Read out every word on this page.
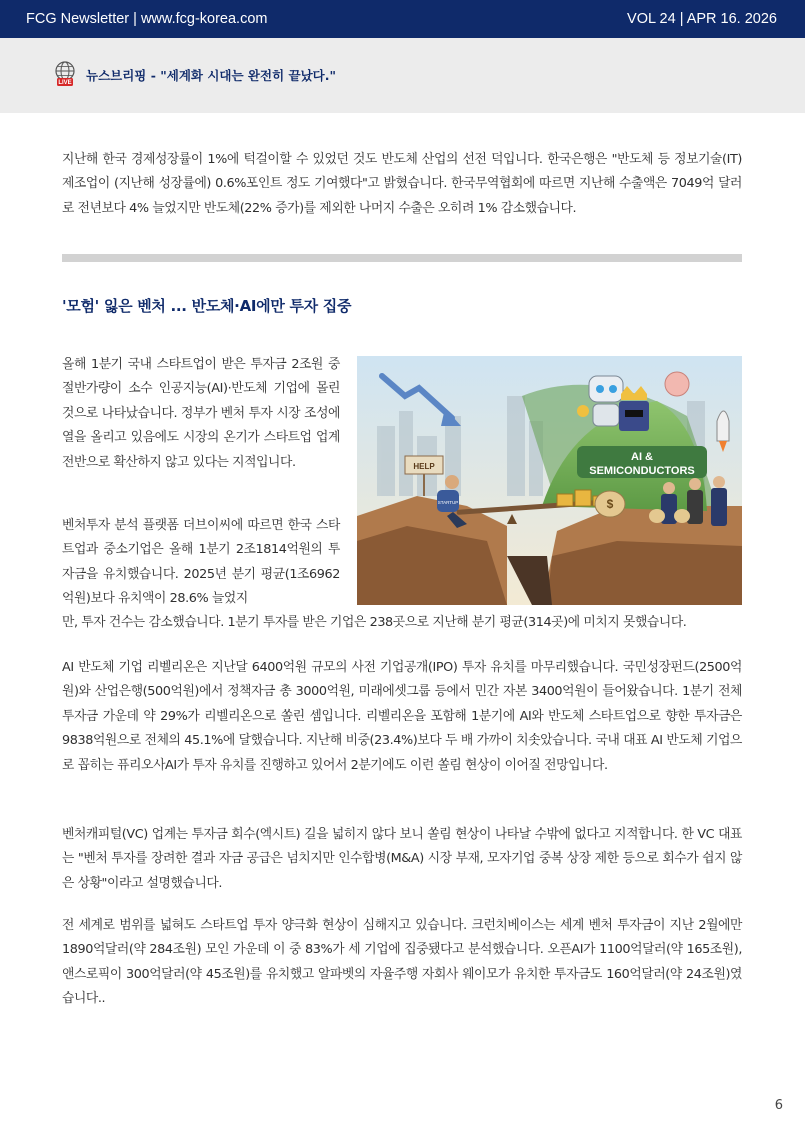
FCG Newsletter | www.fcg-korea.com	VOL 24 | APR 16. 2026
LIVE
뉴스브리핑 - "세계화 시대는 완전히 끝났다."

지난해 한국 경제성장률이 1%에 턱걸이할 수 있었던 것도 반도체 산업의 선전 덕입니다. 한국은행은 "반도체 등 정보기술(IT) 제조업이 (지난해 성장률에) 0.6%포인트 정도 기여했다"고 밝혔습니다. 한국무역협회에 따르면 지난해 수출액은 7049억 달러로 전년보다 4% 늘었지만 반도체(22% 증가)를 제외한 나머지 수출은 오히려 1% 감소했습니다.

'모험' 잃은 벤처 ... 반도체·AI에만 투자 집중

올해 1분기 국내 스타트업이 받은 투자금 2조원 중 절반가량이 소수 인공지능(AI)·반도체 기업에 몰린 것으로 나타났습니다. 정부가 벤처 투자 시장 조성에 열을 올리고 있음에도 시장의 온기가 스타트업 업계 전반으로 확산하지 않고 있다는 지적입니다.

벤처투자 분석 플랫폼 더브이씨에 따르면 한국 스타트업과 중소기업은 올해 1분기 2조1814억원의 투자금을 유치했습니다. 2025년 분기 평균(1조6962억원)보다 유치액이 28.6% 늘었지

만, 투자 건수는 감소했습니다. 1분기 투자를 받은 기업은 238곳으로 지난해 분기 평균(314곳)에 미치지 못했습니다.

AI &
SEMICONDUCTORS
HELP
STARTUP	$

AI 반도체 기업 리벨리온은 지난달 6400억원 규모의 사전 기업공개(IPO) 투자 유치를 마무리했습니다. 국민성장펀드(2500억원)와 산업은행(500억원)에서 정책자금 총 3000억원, 미래에셋그룹 등에서 민간 자본 3400억원이 들어왔습니다. 1분기 전체 투자금 가운데 약 29%가 리벨리온으로 쏠린 셈입니다. 리벨리온을 포함해 1분기에 AI와 반도체 스타트업으로 향한 투자금은 9838억원으로 전체의 45.1%에 달했습니다. 지난해 비중(23.4%)보다 두 배 가까이 치솟았습니다. 국내 대표 AI 반도체 기업으로 꼽히는 퓨리오사AI가 투자 유치를 진행하고 있어서 2분기에도 이런 쏠림 현상이 이어질 전망입니다.

벤처캐피털(VC) 업계는 투자금 회수(엑시트) 길을 넓히지 않다 보니 쏠림 현상이 나타날 수밖에 없다고 지적합니다. 한 VC 대표는 "벤처 투자를 장려한 결과 자금 공급은 넘치지만 인수합병(M&A) 시장 부재, 모자기업 중복 상장 제한 등으로 회수가 쉽지 않은 상황"이라고 설명했습니다.

전 세계로 범위를 넓혀도 스타트업 투자 양극화 현상이 심해지고 있습니다. 크런치베이스는 세계 벤처 투자금이 지난 2월에만 1890억달러(약 284조원) 모인 가운데 이 중 83%가 세 기업에 집중됐다고 분석했습니다. 오픈AI가 1100억달러(약 165조원), 앤스로픽이 300억달러(약 45조원)를 유치했고 알파벳의 자율주행 자회사 웨이모가 유치한 투자금도 160억달러(약 24조원)였습니다..

6
